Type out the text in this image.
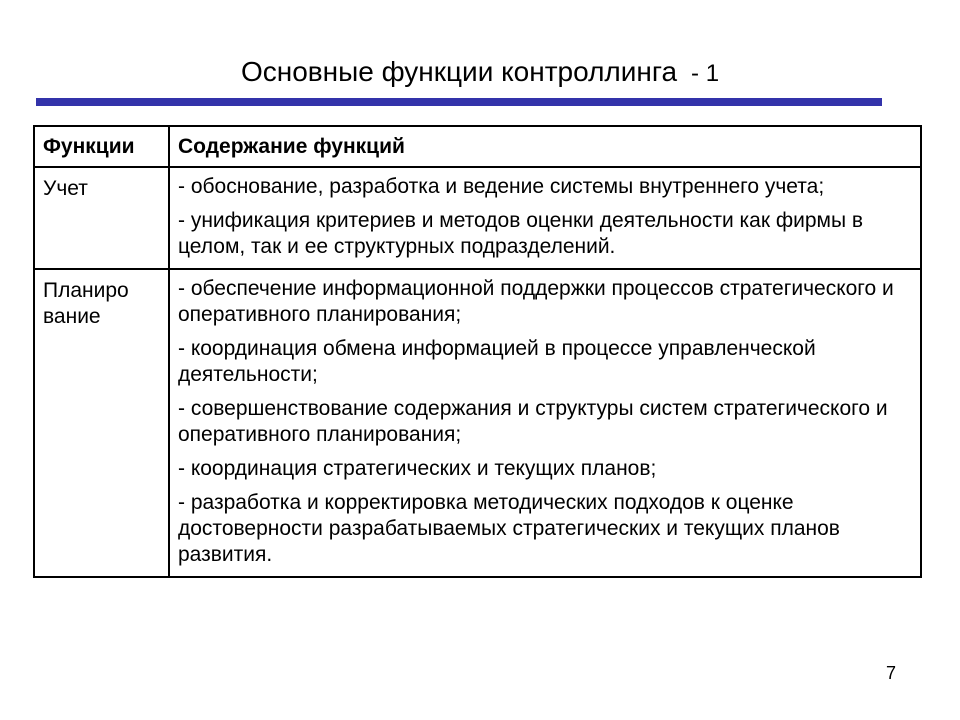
Основные функции контроллинга - 1
Функции	Содержание функций
Учет	- обоснование, разработка и ведение системы внутреннего учета;

- унификация критериев и методов оценки деятельности как фирмы в целом, так и ее структурных подразделений.

Планиро вание	- обеспечение информационной поддержки процессов стратегического и оперативного планирования;

- координация обмена информацией в процессе управленческой деятельности;

- совершенствование содержания и структуры систем стратегического и оперативного планирования;

- координация стратегических и текущих планов;

- разработка и корректировка методических подходов к оценке достоверности разрабатываемых стратегических и текущих планов развития.

7
